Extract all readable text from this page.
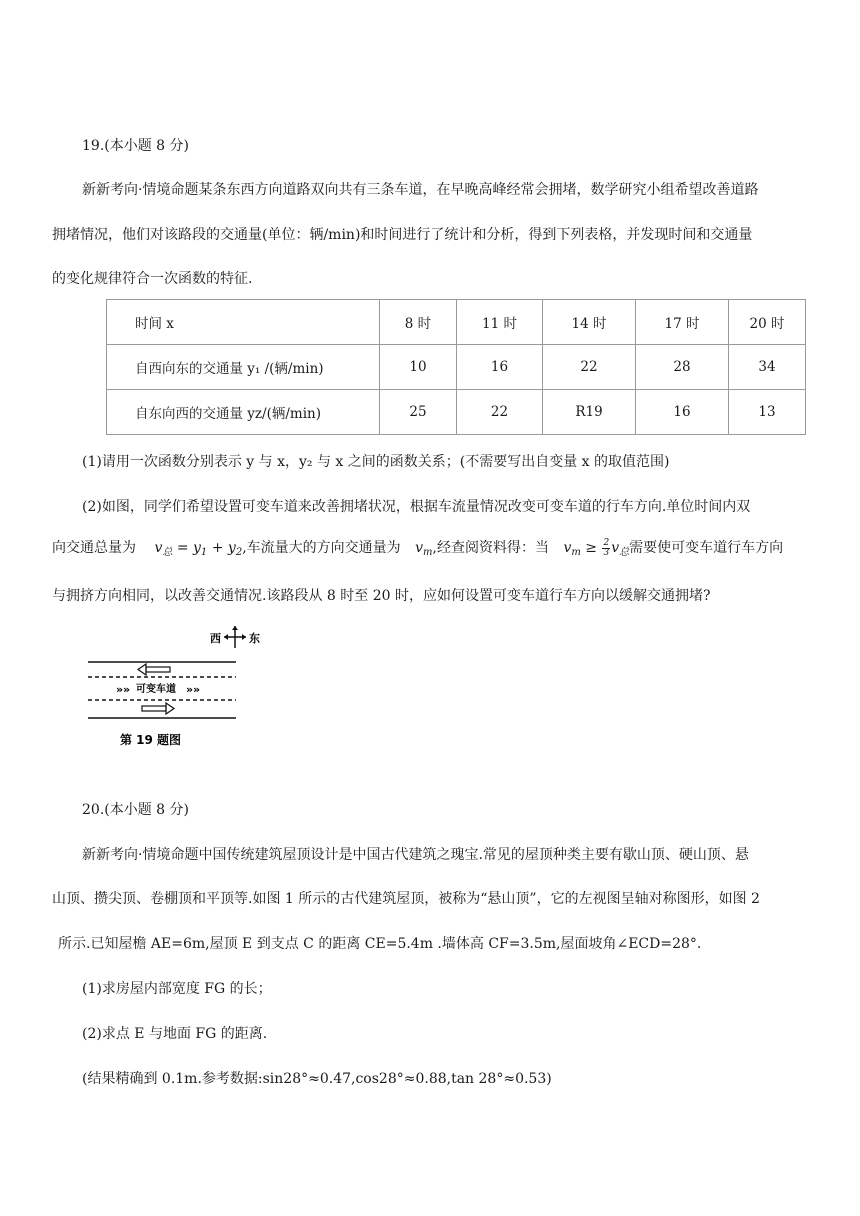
19.(本小题 8 分)
新新考向·情境命题某条东西方向道路双向共有三条车道，在早晚高峰经常会拥堵，数学研究小组希望改善道路
拥堵情况，他们对该路段的交通量(单位：辆/min)和时间进行了统计和分析，得到下列表格，并发现时间和交通量
的变化规律符合一次函数的特征.
时间 x	8 时	11 时	14 时	17 时	20 时
自西向东的交通量 y₁ /(辆/min)	10	16	22	28	34
自东向西的交通量 yz/(辆/min)	25	22	R19	16	13
(1)请用一次函数分别表示 y 与 x，y₂ 与 x 之间的函数关系；(不需要写出自变量 x 的取值范围)
(2)如图，同学们希望设置可变车道来改善拥堵状况，根据车流量情况改变可变车道的行车方向.单位时间内双
向交通总量为 $v_总 = y_1 + y_2$,车流量大的方向交通量为 $v_m$,经查阅资料得：当 $v_m \ge \frac{2}{3} v_总$需要使可变车道行车方向
与拥挤方向相同，以改善交通情况.该路段从 8 时至 20 时，应如何设置可变车道行车方向以缓解交通拥堵?
西	东
» »	» »
可变车道
第 19 题图
20.(本小题 8 分)
新新考向·情境命题中国传统建筑屋顶设计是中国古代建筑之瑰宝.常见的屋顶种类主要有歇山顶、硬山顶、悬
山顶、攒尖顶、卷棚顶和平顶等.如图 1 所示的古代建筑屋顶，被称为“悬山顶”，它的左视图呈轴对称图形，如图 2
所示.已知屋檐 AE=6m,屋顶 E 到支点 C 的距离 CE=5.4m .墙体高 CF=3.5m,屋面坡角∠ECD=28°.
(1)求房屋内部宽度 FG 的长；
(2)求点 E 与地面 FG 的距离.
(结果精确到 0.1m.参考数据:sin28°≈0.47,cos28°≈0.88,tan 28°≈0.53)
